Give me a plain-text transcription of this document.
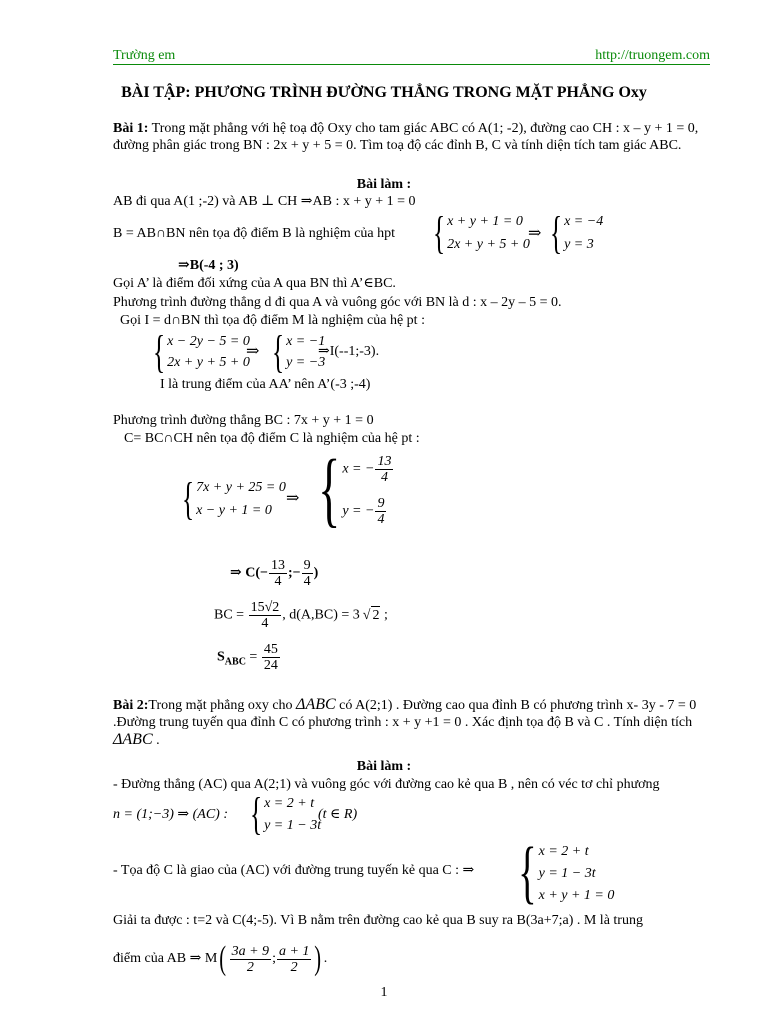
Trường em	http://truongem.com
BÀI TẬP: PHƯƠNG TRÌNH ĐƯỜNG THẲNG TRONG MẶT PHẲNG Oxy
Bài 1: Trong mặt phẳng với hệ toạ độ Oxy cho tam giác ABC có A(1; -2), đường cao CH : x – y + 1 = 0, đường phân giác trong BN : 2x + y + 5 = 0. Tìm toạ độ các đỉnh B, C và tính diện tích tam giác ABC.
Bài làm :
AB đi qua A(1 ;-2) và AB ⊥ CH ⇒AB : x + y + 1 = 0
B = AB∩BN nên tọa độ điểm B là nghiệm của hpt { x + y + 1 = 0
2x + y + 5 + 0
⇒ { x = −4
y = 3
⇒B(-4 ; 3)
Gọi A’ là điểm đối xứng của A qua BN thì A’∈BC.
Phương trình đường thẳng d đi qua A và vuông góc với BN là d : x – 2y – 5 = 0.
Gọi I = d∩BN thì tọa độ điểm M là nghiệm của hệ pt :
{ x − 2y − 5 = 0
2x + y + 5 + 0
⇒ { x = −1
y = −3
⇒I(--1;-3).
I là trung điểm của AA’ nên A’(-3 ;-4)
Phương trình đường thẳng BC : 7x + y + 1 = 0
C= BC∩CH nên tọa độ điểm C là nghiệm của hệ pt :
{ 7x + y + 25 = 0
x − y + 1 = 0
⇒ { x = − $\frac{13}{4}$
y = − $\frac{9}{4}$
⇒ $C(- \frac{13}{4}$ ;− $\frac{9}{4}$ )
BC = $\frac{15√2}{4}$ , d(A,BC) = 3 √ 2 ;
$S_{ABC} = \frac{45}{24}$
Bài 2:Trong mặt phẳng oxy cho ΔABC có A(2;1) . Đường cao qua đỉnh B có phương trình x- 3y - 7 = 0 .Đường trung tuyến qua đỉnh C có phương trình : x + y +1 = 0 . Xác định tọa độ B và C . Tính diện tích ΔABC .
Bài làm :
- Đường thẳng (AC) qua A(2;1) và vuông góc với đường cao kẻ qua B , nên có véc tơ chỉ phương
n = (1;−3) ⇒ (AC) : { x = 2 + t
y = 1 − 3t
(t ∈ R)
- Tọa độ C là giao của (AC) với đường trung tuyến kẻ qua C : ⇒ { x = 2 + t
y = 1 − 3t
x + y + 1 = 0
Giải ta được : t=2 và C(4;-5). Vì B nằm trên đường cao kẻ qua B suy ra B(3a+7;a) . M là trung
điểm của AB ⇒ $M( \frac{3a + 9}{2}$ ; $\frac{a + 1}{2}$ ) .
1
